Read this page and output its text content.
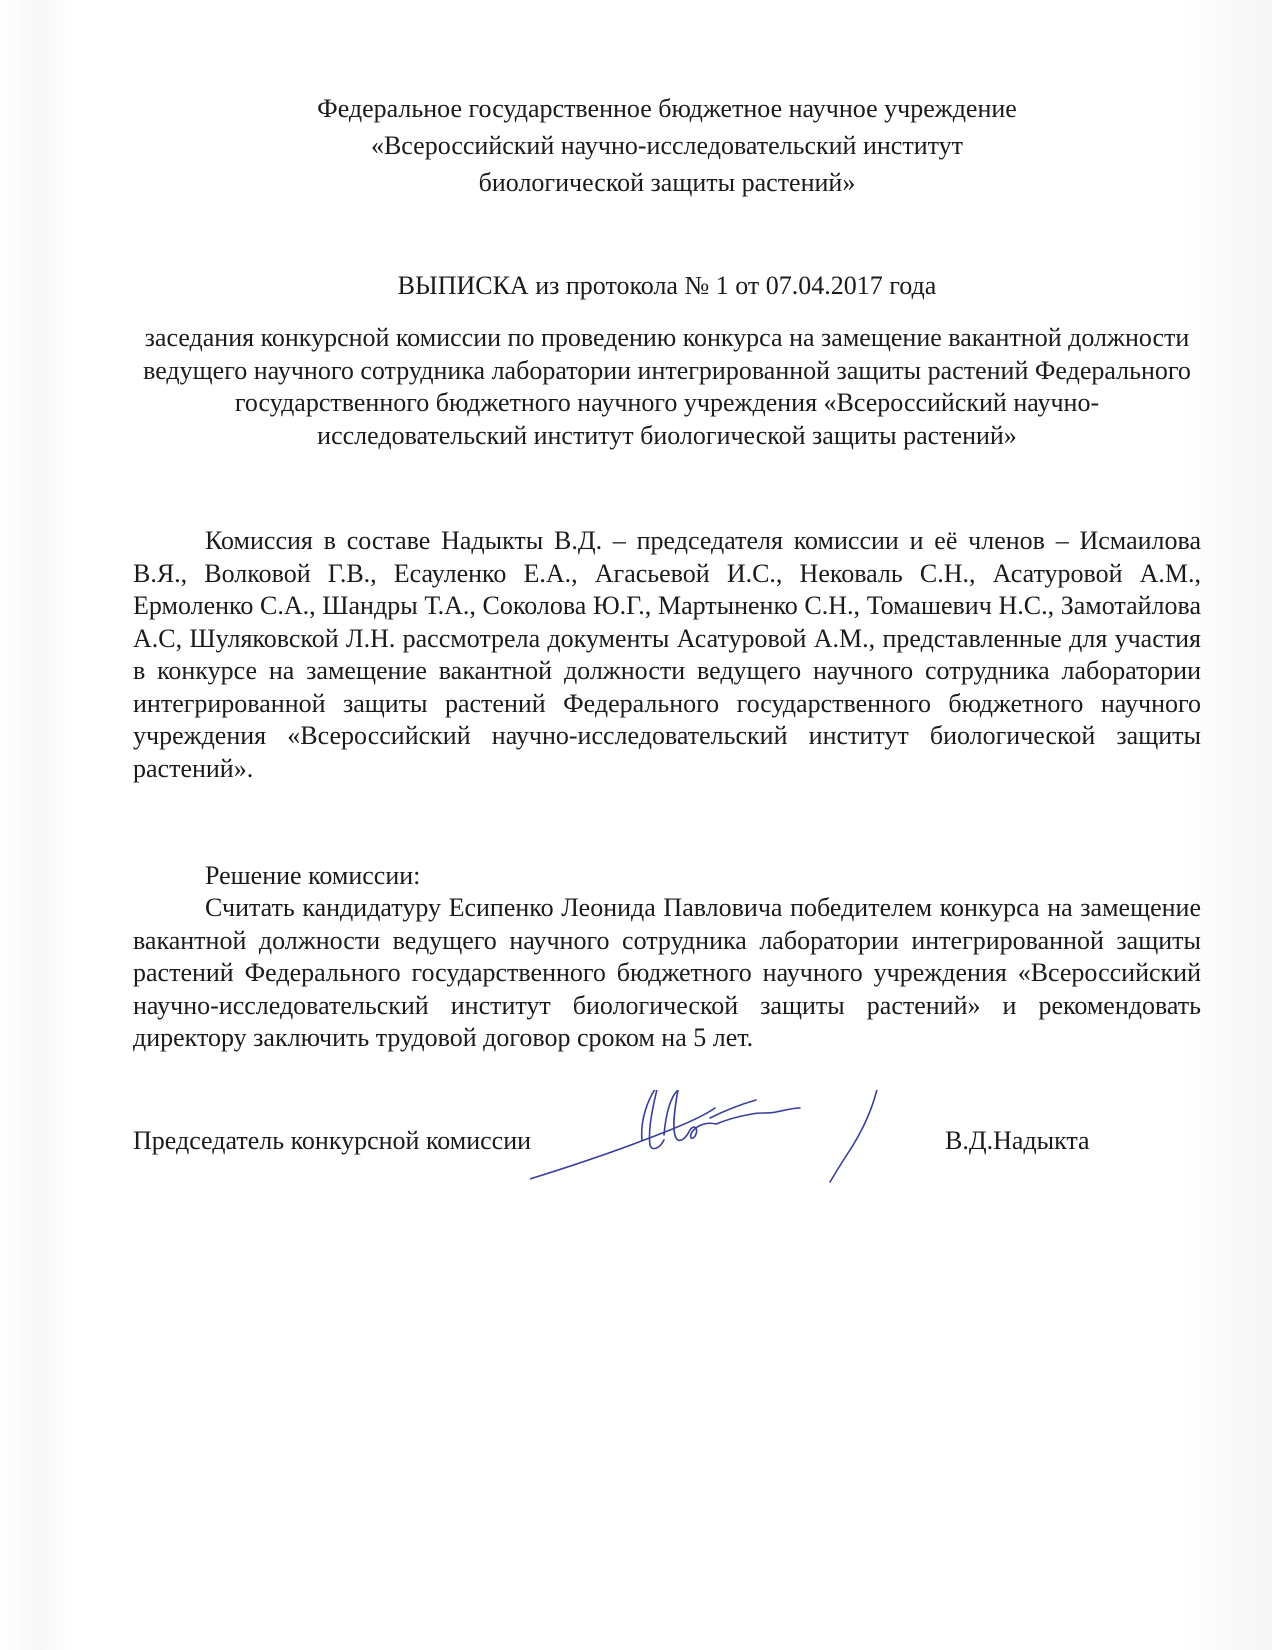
Федеральное государственное бюджетное научное учреждение
«Всероссийский научно-исследовательский институт
биологической защиты растений»
ВЫПИСКА из протокола № 1 от 07.04.2017 года
заседания конкурсной комиссии по проведению конкурса на замещение вакантной должности ведущего научного сотрудника лаборатории интегрированной защиты растений Федерального государственного бюджетного научного учреждения «Всероссийский научно-исследовательский институт биологической защиты растений»
Комиссия в составе Надыкты В.Д. – председателя комиссии и её членов – Исмаилова В.Я., Волковой Г.В., Есауленко Е.А., Агасьевой И.С., Нековаль С.Н., Асатуровой А.М., Ермоленко С.А., Шандры Т.А., Соколова Ю.Г., Мартыненко С.Н., Томашевич Н.С., Замотайлова А.С, Шуляковской Л.Н. рассмотрела документы Асатуровой А.М., представленные для участия в конкурсе на замещение вакантной должности ведущего научного сотрудника лаборатории интегрированной защиты растений Федерального государственного бюджетного научного учреждения «Всероссийский научно-исследовательский институт биологической защиты растений».
Решение комиссии:
Считать кандидатуру Есипенко Леонида Павловича победителем конкурса на замещение вакантной должности ведущего научного сотрудника лаборатории интегрированной защиты растений Федерального государственного бюджетного научного учреждения «Всероссийский научно-исследовательский институт биологической защиты растений» и рекомендовать директору заключить трудовой договор сроком на 5 лет.
Председатель конкурсной комиссии	В.Д.Надыкта
